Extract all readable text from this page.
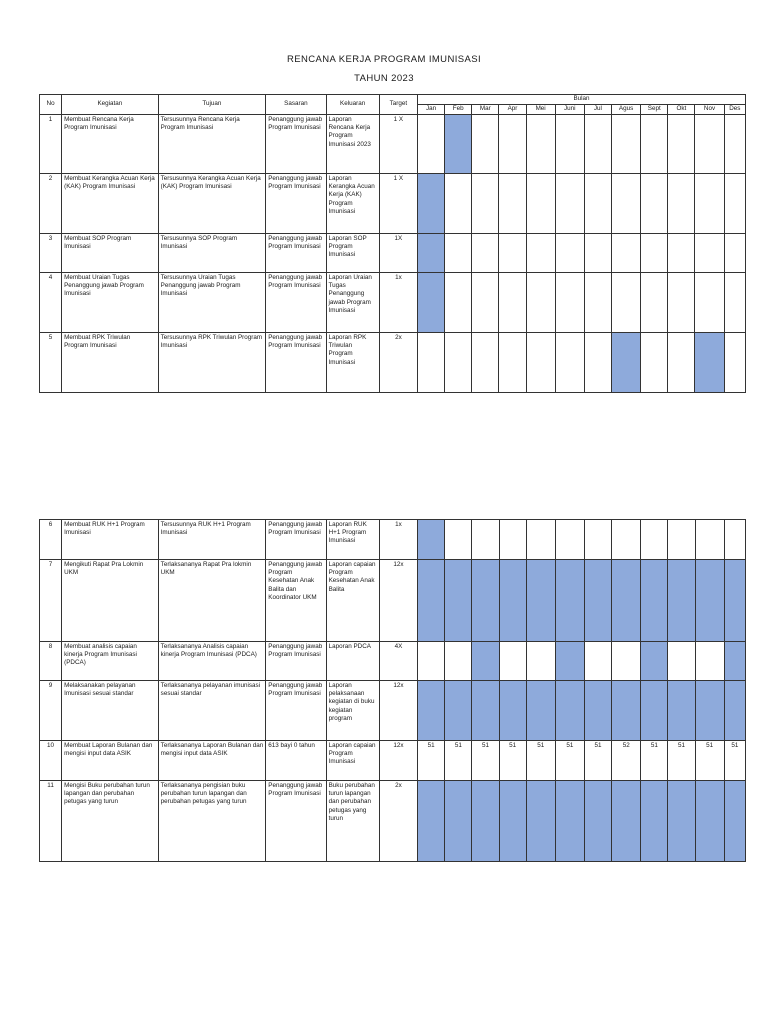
RENCANA KERJA PROGRAM IMUNISASI
TAHUN 2023
No	Kegiatan	Tujuan	Sasaran	Keluaran	Target	Bulan											
						Jan	Feb	Mar	Apr	Mei	Juni	Jul	Agus	Sept	Okt	Nov	Des
1	Membuat Rencana Kerja Program Imunisasi	Tersusunnya Rencana Kerja Program Imunisasi	Penanggung jawab Program Imunisasi	Laporan Rencana Kerja Program Imunisasi 2023	1 X												
2	Membuat Kerangka Acuan Kerja (KAK) Program Imunisasi	Tersusunnya Kerangka Acuan Kerja (KAK) Program Imunisasi	Penanggung jawab Program Imunisasi	Laporan Kerangka Acuan Kerja (KAK) Program Imunisasi	1 X												
3	Membuat SOP Program Imunisasi	Tersusunnya SOP Program Imunisasi	Penanggung jawab Program Imunisasi	Laporan SOP Program Imunisasi	1X												
4	Membuat Uraian Tugas Penanggung jawab Program Imunisasi	Tersusunnya Uraian Tugas Penanggung jawab Program Imunisasi	Penanggung jawab Program Imunisasi	Laporan Uraian Tugas Penanggung jawab Program Imunisasi	1x												
5	Membuat RPK Triwulan Program Imunisasi	Tersusunnya RPK Triwulan Program Imunisasi	Penanggung jawab Program Imunisasi	Laporan RPK Triwulan Program Imunisasi	2x												
6	Membuat RUK H+1 Program Imunisasi	Tersusunnya RUK H+1 Program Imunisasi	Penanggung jawab Program Imunisasi	Laporan RUK H+1 Program Imunisasi	1x												
7	Mengikuti Rapat Pra Lokmin UKM	Terlaksananya Rapat Pra lokmin UKM	Penanggung jawab Program Kesehatan Anak Balita dan Koordinator UKM	Laporan capaian Program Kesehatan Anak Balita	12x												
8	Membuat analisis capaian kinerja Program Imunisasi (PDCA)	Terlaksananya Analisis capaian kinerja Program Imunisasi (PDCA)	Penanggung jawab Program Imunisasi	Laporan PDCA	4X												
9	Melaksanakan pelayanan Imunisasi sesuai standar	Terlaksananya pelayanan imunisasi sesuai standar	Penanggung jawab Program Imunisasi	Laporan pelaksanaan kegiatan di buku kegiatan program	12x												
10	Membuat Laporan Bulanan dan mengisi input data ASIK	Terlaksananya Laporan Bulanan dan mengisi input data ASIK	613 bayi 0 tahun	Laporan capaian Program Imunisasi	12x	51	51	51	51	51	51	51	52	51	51	51	51
11	Mengisi Buku perubahan turun lapangan dan perubahan petugas yang turun	Terlaksananya pengisian buku perubahan turun lapangan dan perubahan petugas yang turun	Penanggung jawab Program Imunisasi	Buku perubahan turun lapangan dan perubahan petugas yang turun	2x												
